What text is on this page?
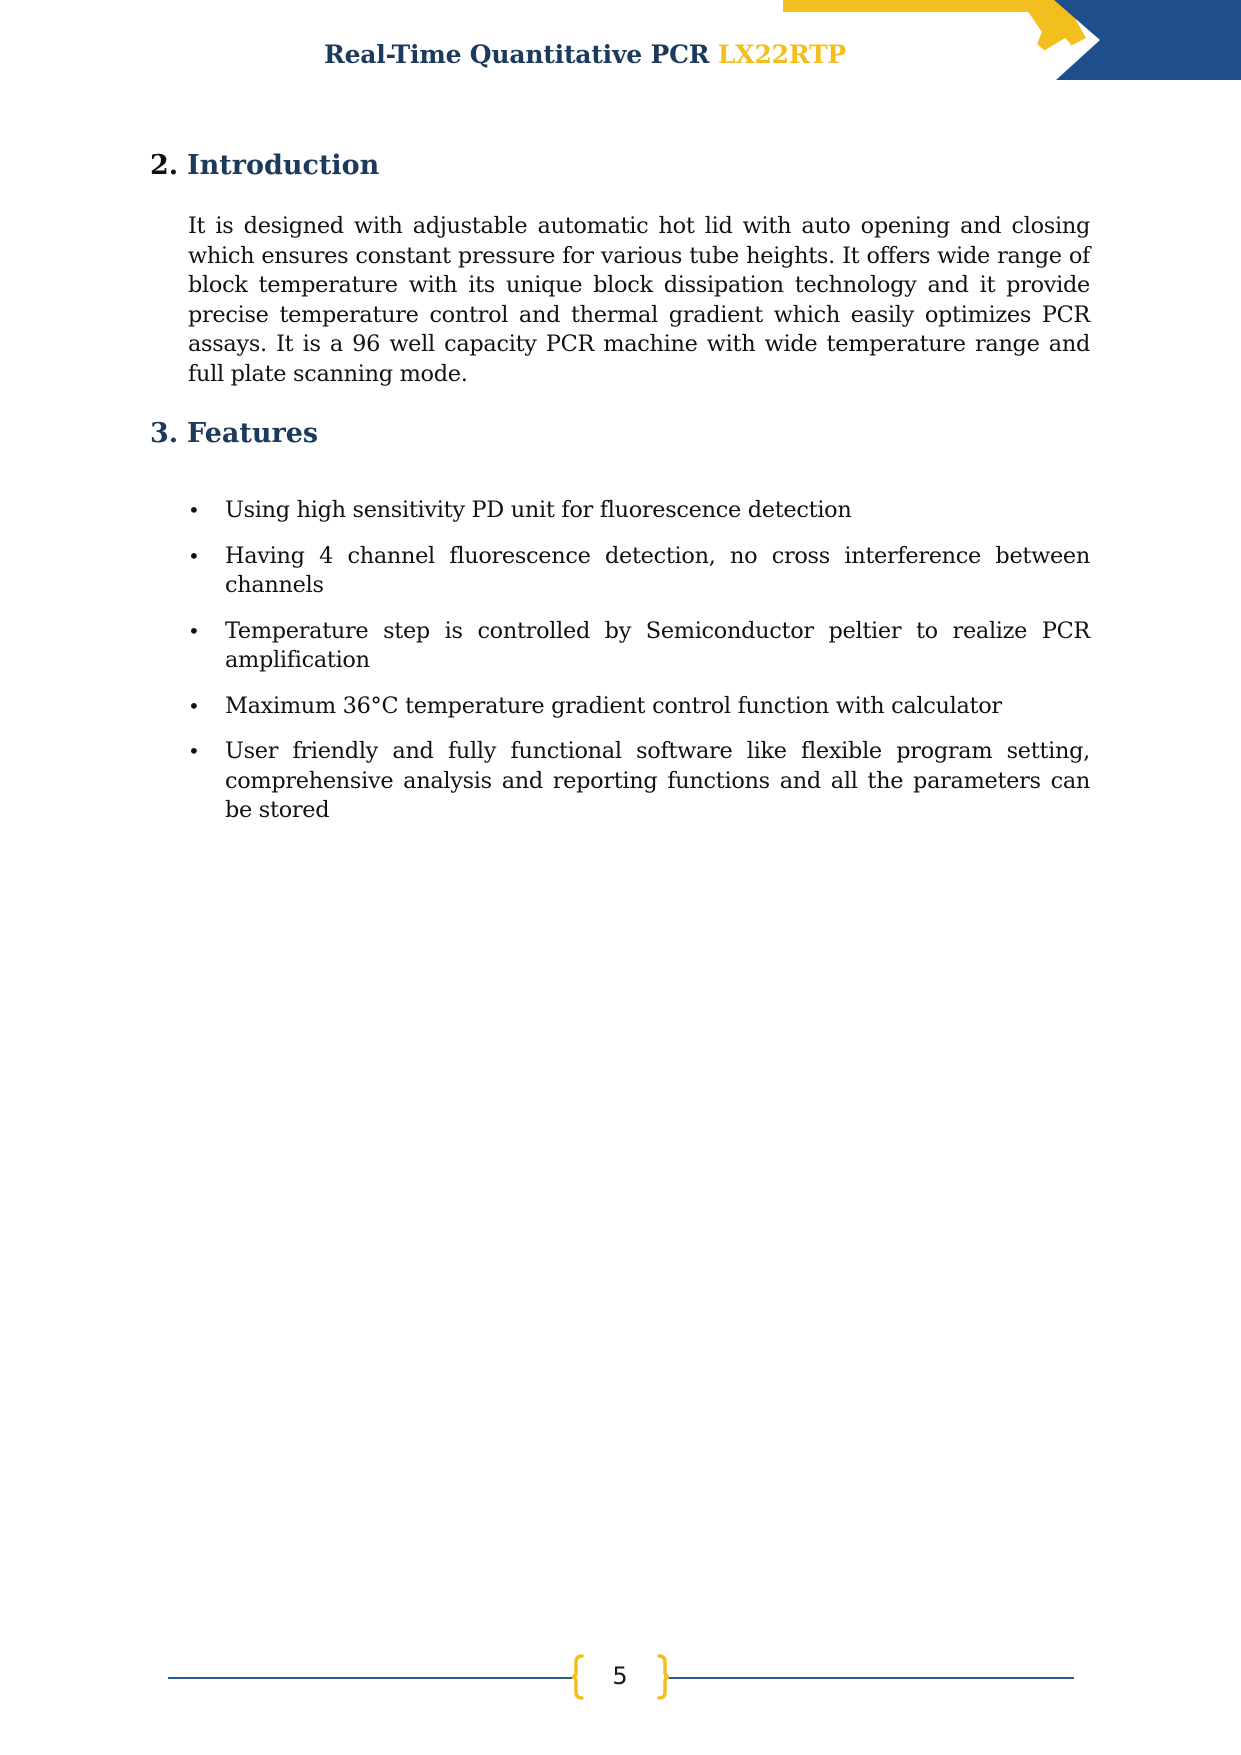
Real-Time Quantitative PCR LX22RTP
2. Introduction

It is designed with adjustable automatic hot lid with auto opening and closing which ensures constant pressure for various tube heights. It offers wide range of block temperature with its unique block dissipation technology and it provide precise temperature control and thermal gradient which easily optimizes PCR assays. It is a 96 well capacity PCR machine with wide temperature range and full plate scanning mode.

3. Features
• Using high sensitivity PD unit for fluorescence detection
• Having 4 channel fluorescence detection, no cross interference between channels
• Temperature step is controlled by Semiconductor peltier to realize PCR amplification
• Maximum 36°C temperature gradient control function with calculator
• User friendly and fully functional software like flexible program setting, comprehensive analysis and reporting functions and all the parameters can be stored
5
